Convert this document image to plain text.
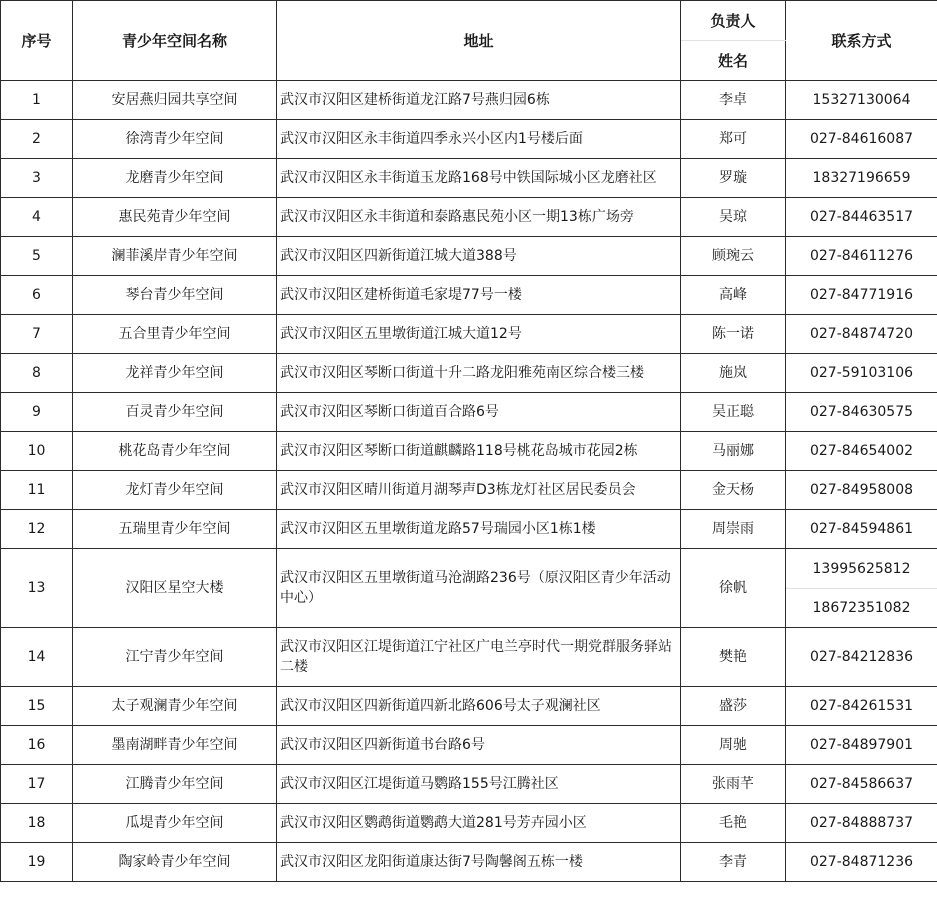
序号	青少年空间名称	地址	负责人	联系方式
			姓名	
1	安居燕归园共享空间	武汉市汉阳区建桥街道龙江路7号燕归园6栋	李卓	15327130064
2	徐湾青少年空间	武汉市汉阳区永丰街道四季永兴小区内1号楼后面	郑可	027-84616087
3	龙磨青少年空间	武汉市汉阳区永丰街道玉龙路168号中铁国际城小区龙磨社区	罗璇	18327196659
4	惠民苑青少年空间	武汉市汉阳区永丰街道和泰路惠民苑小区一期13栋广场旁	吴琼	027-84463517
5	澜菲溪岸青少年空间	武汉市汉阳区四新街道江城大道388号	顾琬云	027-84611276
6	琴台青少年空间	武汉市汉阳区建桥街道毛家堤77号一楼	高峰	027-84771916
7	五合里青少年空间	武汉市汉阳区五里墩街道江城大道12号	陈一诺	027-84874720
8	龙祥青少年空间	武汉市汉阳区琴断口街道十升二路龙阳雅苑南区综合楼三楼	施岚	027-59103106
9	百灵青少年空间	武汉市汉阳区琴断口街道百合路6号	吴正聪	027-84630575
10	桃花岛青少年空间	武汉市汉阳区琴断口街道麒麟路118号桃花岛城市花园2栋	马丽娜	027-84654002
11	龙灯青少年空间	武汉市汉阳区晴川街道月湖琴声D3栋龙灯社区居民委员会	金天杨	027-84958008
12	五瑞里青少年空间	武汉市汉阳区五里墩街道龙路57号瑞园小区1栋1楼	周崇雨	027-84594861
13	汉阳区星空大楼	武汉市汉阳区五里墩街道马沧湖路236号（原汉阳区青少年活动中心）	徐帆	13995625812
				18672351082
14	江宁青少年空间	武汉市汉阳区江堤街道江宁社区广电兰亭时代一期党群服务驿站二楼	樊艳	027-84212836
15	太子观澜青少年空间	武汉市汉阳区四新街道四新北路606号太子观澜社区	盛莎	027-84261531
16	墨南湖畔青少年空间	武汉市汉阳区四新街道书台路6号	周驰	027-84897901
17	江腾青少年空间	武汉市汉阳区江堤街道马鹦路155号江腾社区	张雨芊	027-84586637
18	瓜堤青少年空间	武汉市汉阳区鹦鹉街道鹦鹉大道281号芳卉园小区	毛艳	027-84888737
19	陶家岭青少年空间	武汉市汉阳区龙阳街道康达街7号陶馨阁五栋一楼	李青	027-84871236
